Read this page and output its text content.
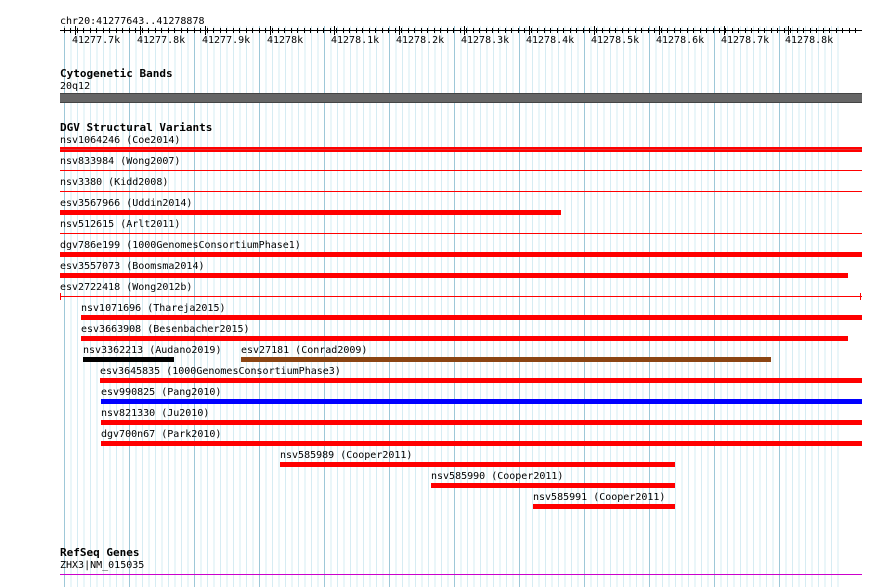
chr20:41277643..41278878
41277.7k 41277.8k 41277.9k 41278k	41278.1k 41278.2k 41278.3k 41278.4k 41278.5k 41278.6k 41278.7k 41278.8k
Cytogenetic Bands
20q12
DGV Structural Variants
nsv1064246 (Coe2014)
nsv833984 (Wong2007)
nsv3380 (Kidd2008)
esv3567966 (Uddin2014)
nsv512615 (Arlt2011)
dgv786e199 (1000GenomesConsortiumPhase1)
esv3557073 (Boomsma2014)
esv2722418 (Wong2012b)
nsv1071696 (Thareja2015)
esv3663908 (Besenbacher2015)
nsv3362213 (Audano2019) esv27181 (Conrad2009)
esv3645835 (1000GenomesConsortiumPhase3)
esv990825 (Pang2010)
nsv821330 (Ju2010)
dgv700n67 (Park2010)
nsv585989 (Cooper2011)
nsv585990 (Cooper2011)
nsv585991 (Cooper2011)
RefSeq Genes
ZHX3|NM_015035
